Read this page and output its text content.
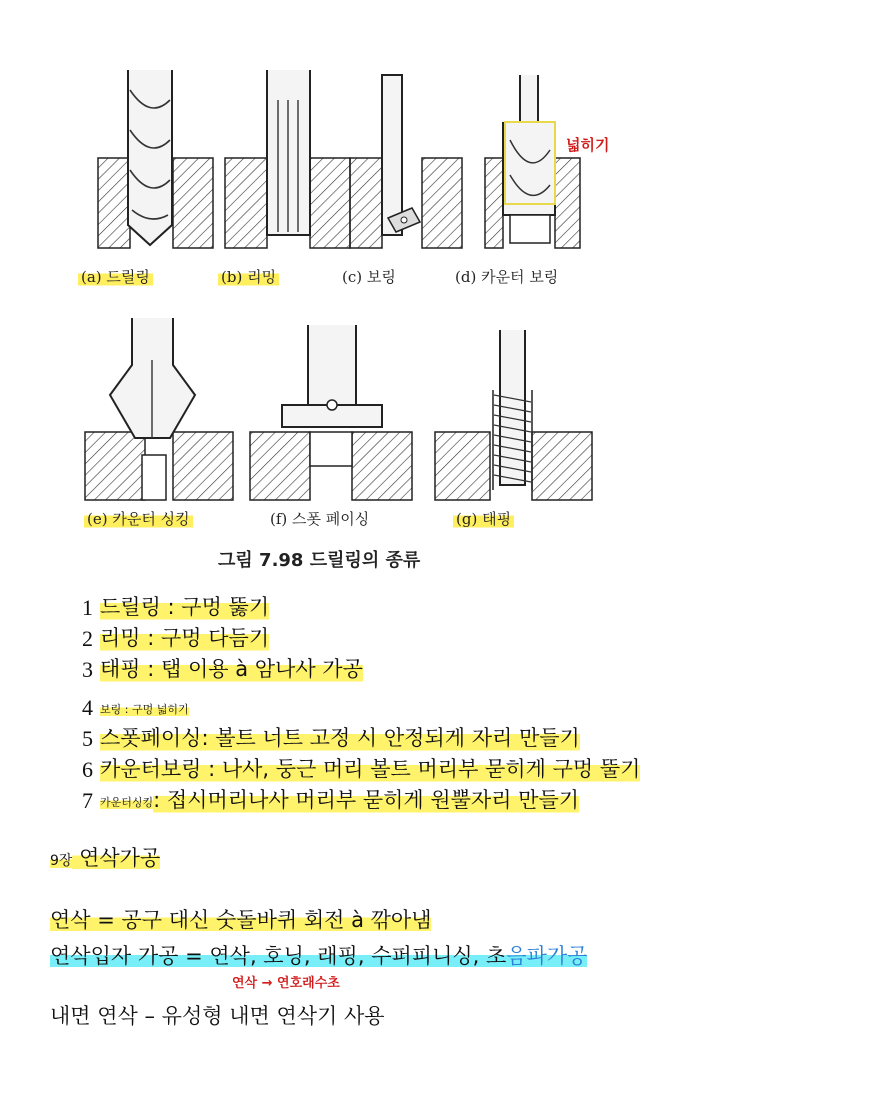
(a) 드릴링	(b) 리밍	(c) 보링	(d) 카운터 보링
(e) 카운터 싱킹	(f) 스폿 페이싱	(g) 태핑
그림 7.98 드릴링의 종류
넓히기
1 드릴링 : 구멍 뚫기
2 리밍 : 구멍 다듬기
3 태핑 : 탭 이용 à 암나사 가공
4 보링 : 구멍 넓히기
5 스폿페이싱 : 볼트 너트 고정 시 안정되게 자리 만들기
6 카운터보링 : 나사, 둥근 머리 볼트 머리부 묻히게 구멍 뚤기
7 카운터싱킹 : 접시머리나사 머리부 묻히게 원뿔자리 만들기
9장 연삭가공
연삭 = 공구 대신 숫돌바퀴 회전 à 깎아냄
연삭입자 가공 = 연삭, 호닝, 래핑, 수퍼피니싱, 초음파가공
연삭 → 연호래수초
내면 연삭 – 유성형 내면 연삭기 사용
